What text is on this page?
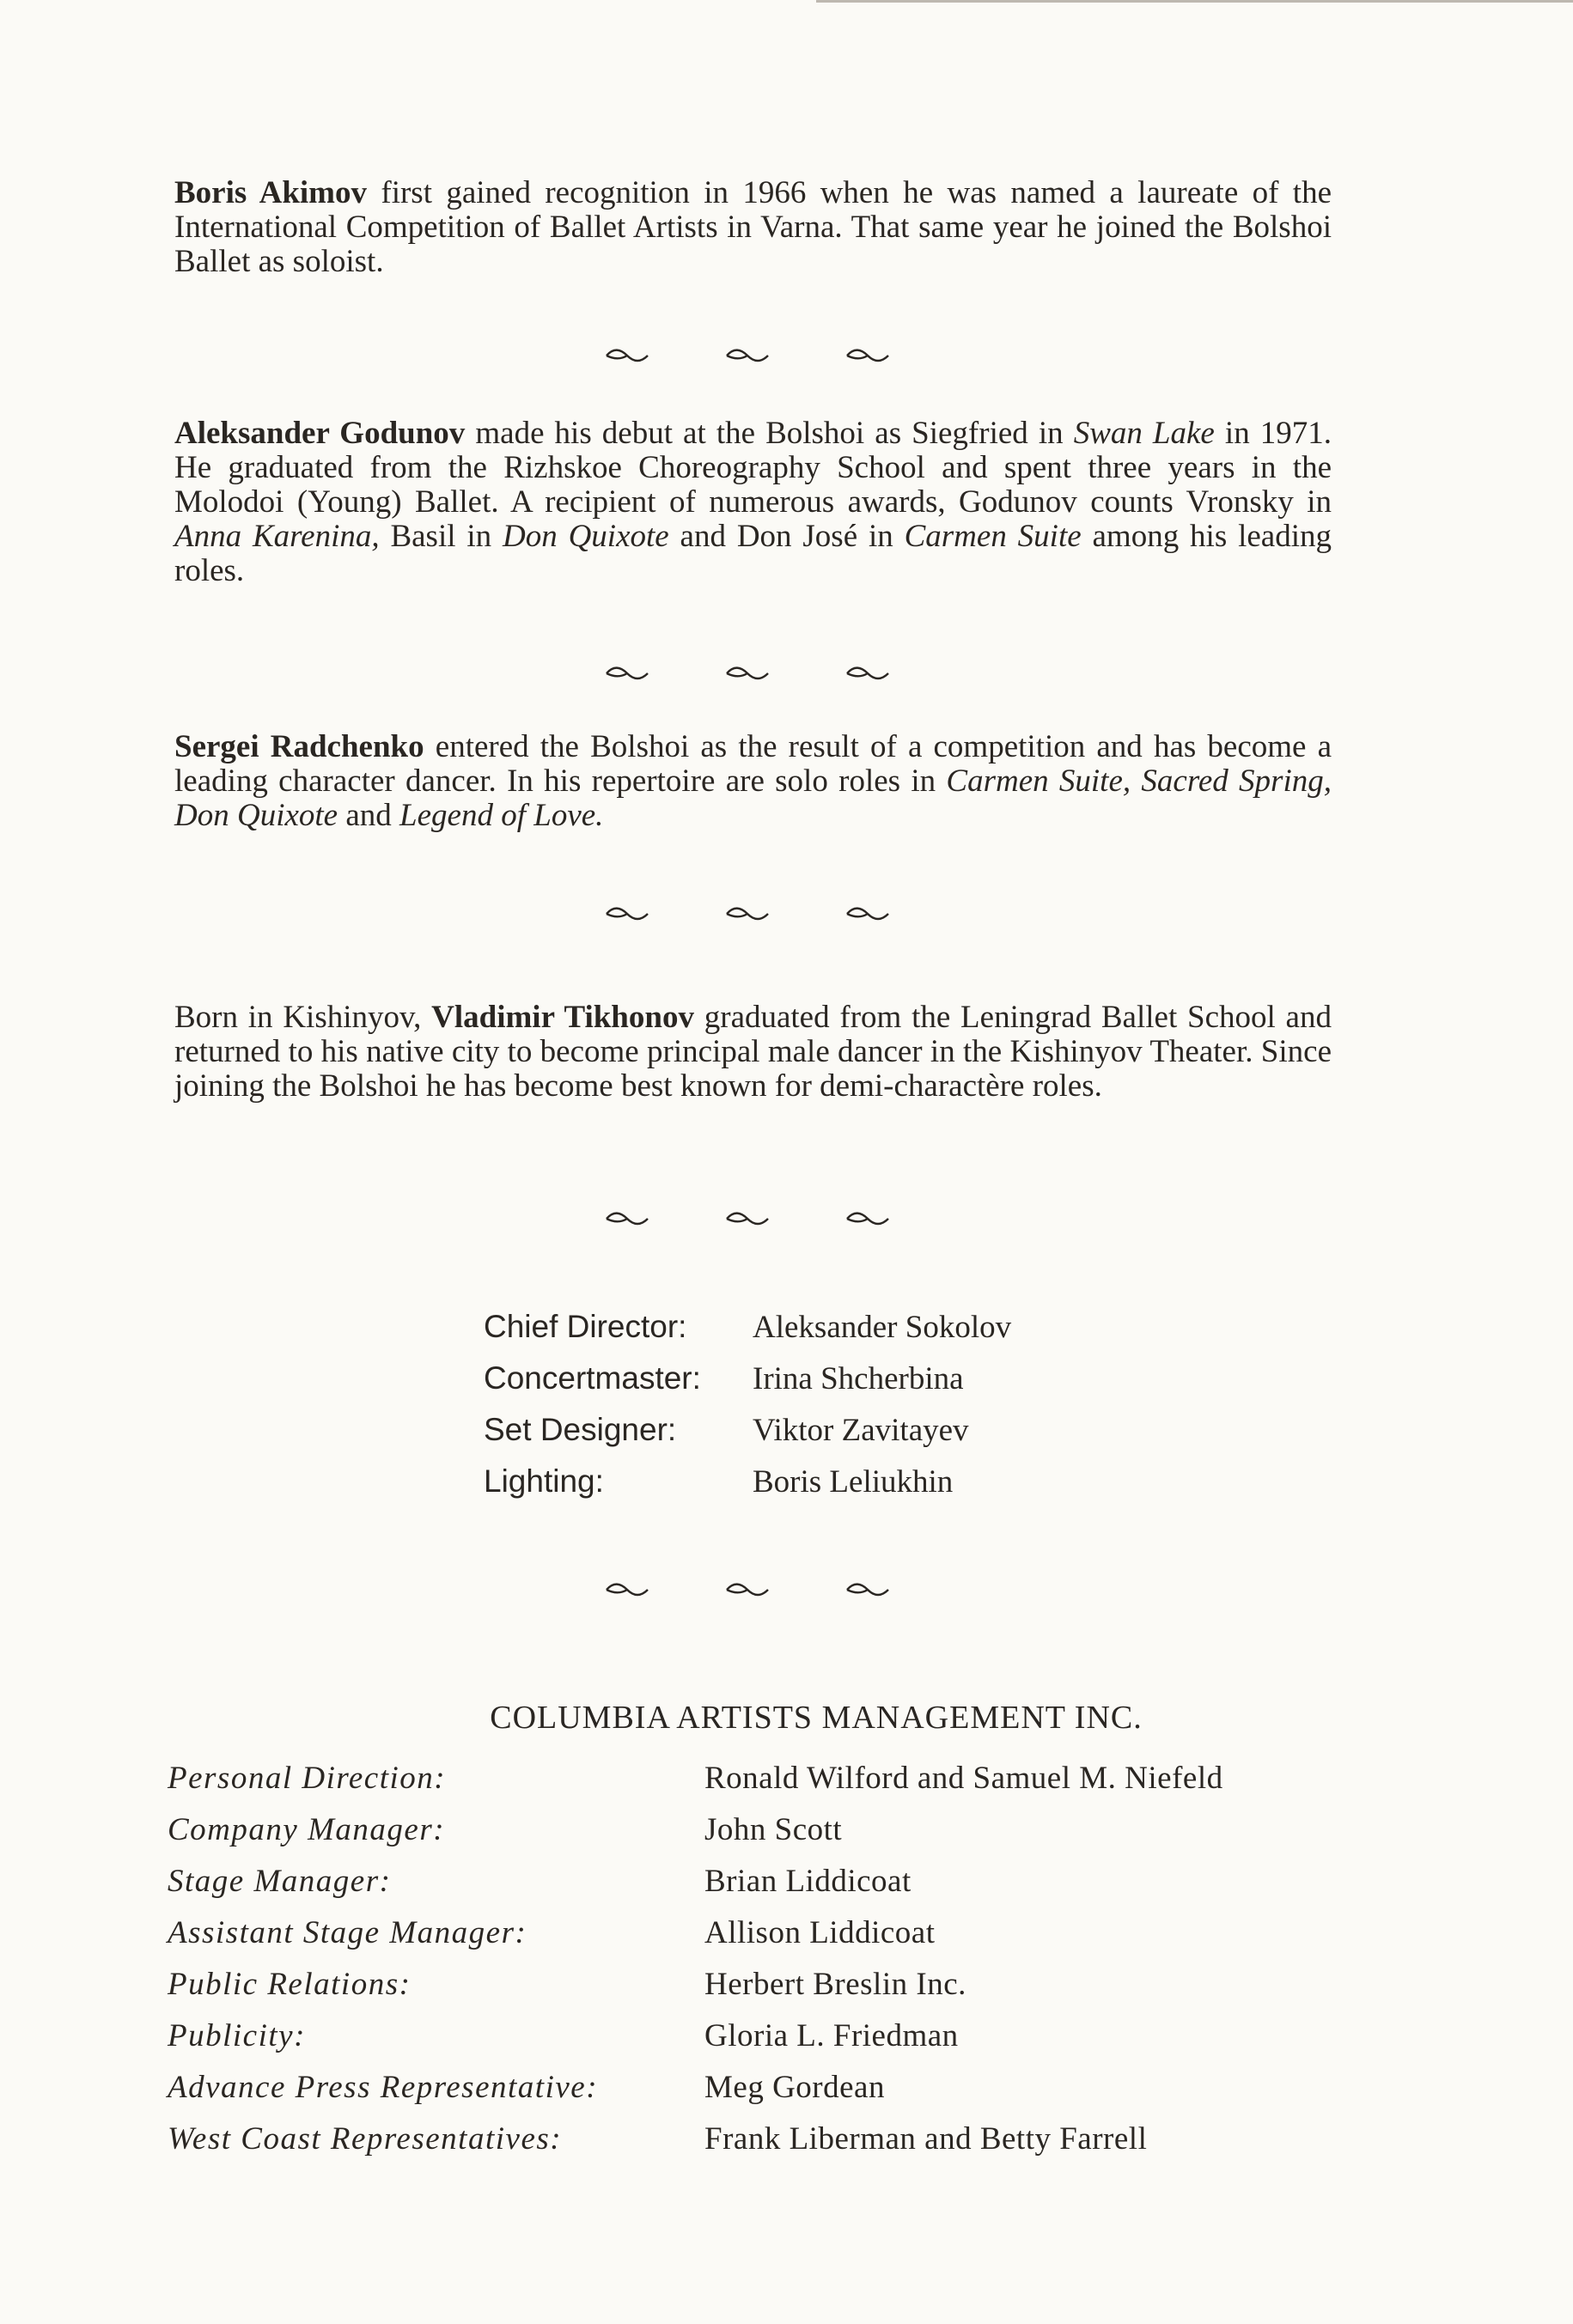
Boris Akimov first gained recognition in 1966 when he was named a laureate of the International Competition of Ballet Artists in Varna. That same year he joined the Bolshoi Ballet as soloist.

Aleksander Godunov made his debut at the Bolshoi as Siegfried in Swan Lake in 1971. He graduated from the Rizhskoe Choreography School and spent three years in the Molodoi (Young) Ballet. A recipient of numerous awards, Godunov counts Vronsky in Anna Karenina, Basil in Don Quixote and Don José in Carmen Suite among his leading roles.

Sergei Radchenko entered the Bolshoi as the result of a competition and has become a leading character dancer. In his repertoire are solo roles in Carmen Suite, Sacred Spring, Don Quixote and Legend of Love.

Born in Kishinyov, Vladimir Tikhonov graduated from the Leningrad Ballet School and returned to his native city to become principal male dancer in the Kishinyov Theater. Since joining the Bolshoi he has become best known for demi-charactère roles.

Chief Director:	Aleksander Sokolov
Concertmaster:	Irina Shcherbina
Set Designer:	Viktor Zavitayev
Lighting:	Boris Leliukhin
COLUMBIA ARTISTS MANAGEMENT INC.
Personal Direction:	Ronald Wilford and Samuel M. Niefeld
Company Manager:	John Scott
Stage Manager:	Brian Liddicoat
Assistant Stage Manager:	Allison Liddicoat
Public Relations:	Herbert Breslin Inc.
Publicity:	Gloria L. Friedman
Advance Press Representative:	Meg Gordean
West Coast Representatives:	Frank Liberman and Betty Farrell
